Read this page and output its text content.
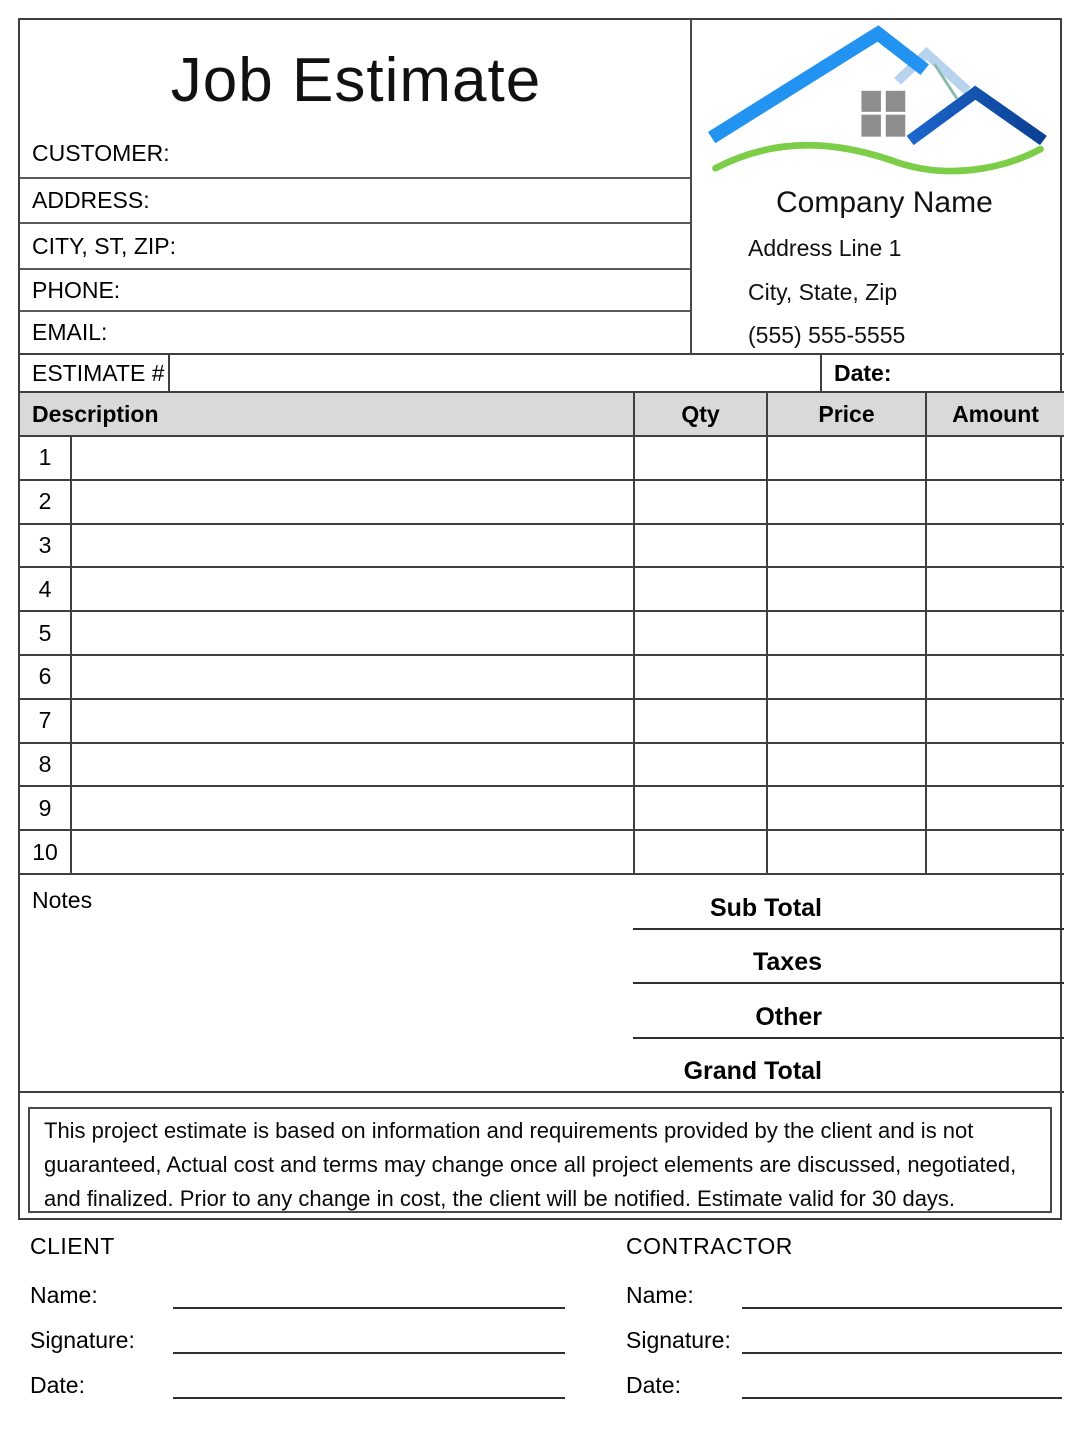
Job Estimate
CUSTOMER:
ADDRESS:
CITY, ST, ZIP:
PHONE:
EMAIL:
Company Name
Address Line 1
City, State, Zip
(555) 555-5555
ESTIMATE #	Date:
Description	Qty	Price	Amount
1
2
3
4
5
6
7
8
9
10
Notes	Sub Total
Taxes
Other
Grand Total
This project estimate is based on information and requirements provided by the client and is not guaranteed, Actual cost and terms may change once all project elements are discussed, negotiated, and finalized. Prior to any change in cost, the client will be notified. Estimate valid for 30 days.
CLIENT
Name:
Signature:
Date:
CONTRACTOR
Name:
Signature:
Date:
